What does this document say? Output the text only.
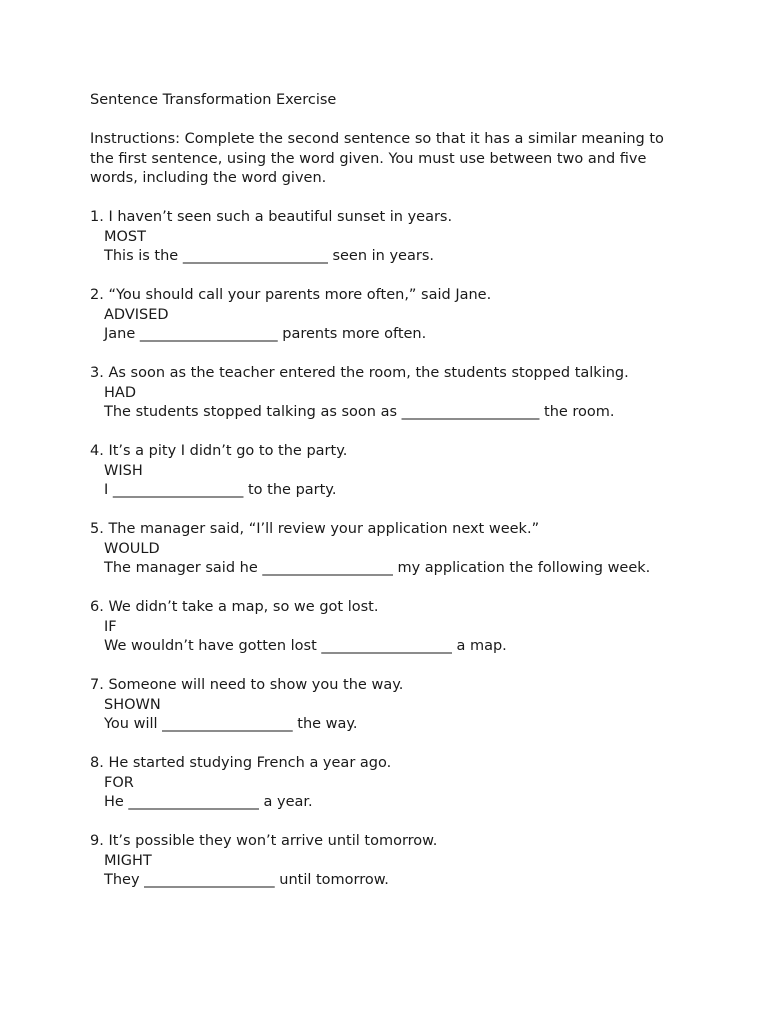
Sentence Transformation Exercise
Instructions: Complete the second sentence so that it has a similar meaning to the first sentence, using the word given. You must use between two and five words, including the word given.
1. I haven’t seen such a beautiful sunset in years.
MOST
This is the ____________________ seen in years.
2. “You should call your parents more often,” said Jane.
ADVISED
Jane ___________________ parents more often.
3. As soon as the teacher entered the room, the students stopped talking.
HAD
The students stopped talking as soon as ___________________ the room.
4. It’s a pity I didn’t go to the party.
WISH
I __________________ to the party.
5. The manager said, “I’ll review your application next week.”
WOULD
The manager said he __________________ my application the following week.
6. We didn’t take a map, so we got lost.
IF
We wouldn’t have gotten lost __________________ a map.
7. Someone will need to show you the way.
SHOWN
You will __________________ the way.
8. He started studying French a year ago.
FOR
He __________________ a year.
9. It’s possible they won’t arrive until tomorrow.
MIGHT
They __________________ until tomorrow.
